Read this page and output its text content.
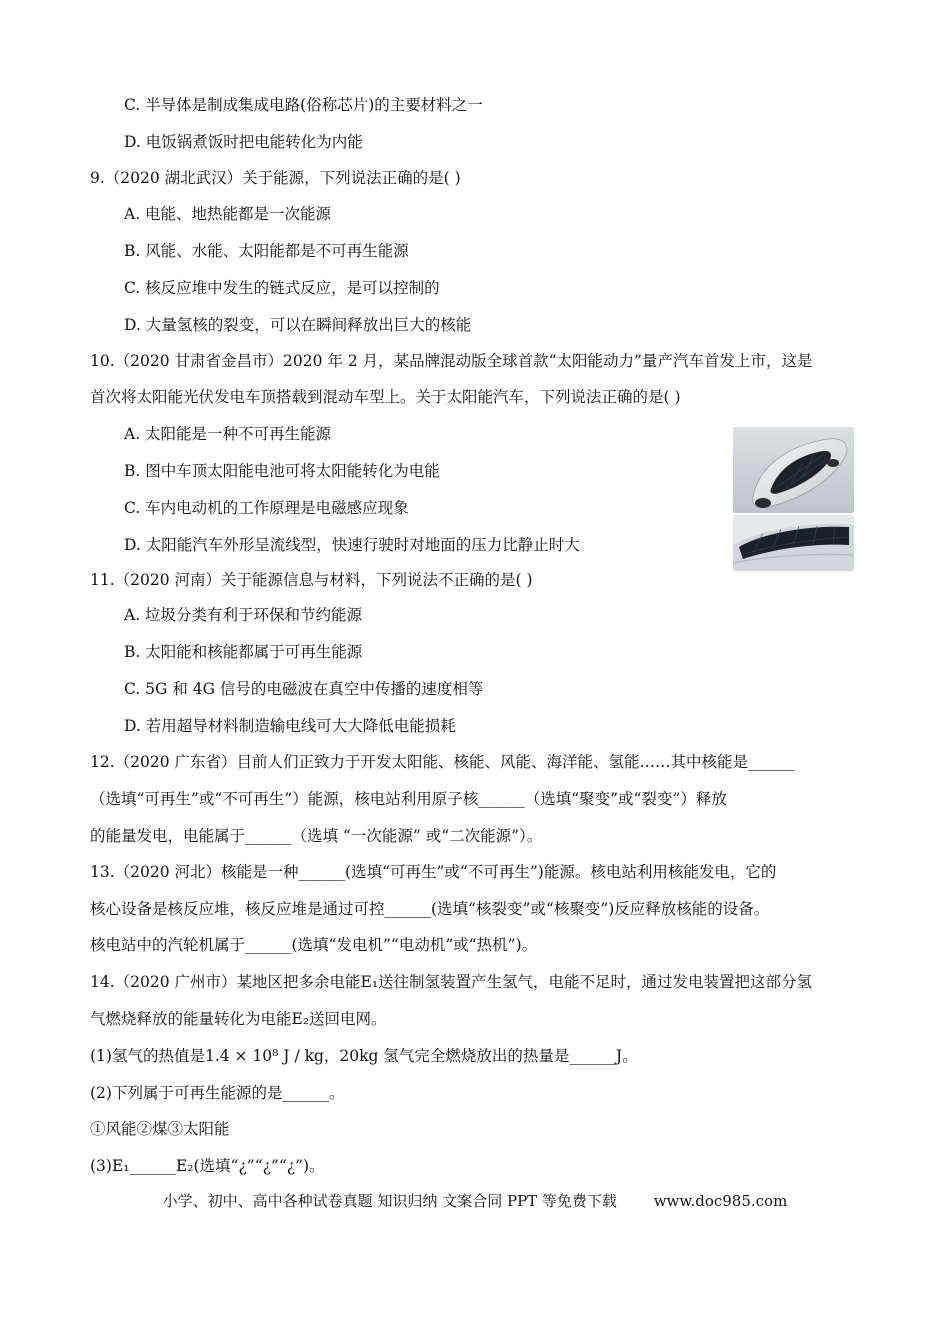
C. 半导体是制成集成电路(俗称芯片)的主要材料之一
D. 电饭锅煮饭时把电能转化为内能
9.（2020 湖北武汉）关于能源，下列说法正确的是( )
A. 电能、地热能都是一次能源
B. 风能、水能、太阳能都是不可再生能源
C. 核反应堆中发生的链式反应，是可以控制的
D. 大量氢核的裂变，可以在瞬间释放出巨大的核能
10.（2020 甘肃省金昌市）2020 年 2 月，某品牌混动版全球首款“太阳能动力”量产汽车首发上市，这是
首次将太阳能光伏发电车顶搭载到混动车型上。关于太阳能汽车，下列说法正确的是( )
A. 太阳能是一种不可再生能源
B. 图中车顶太阳能电池可将太阳能转化为电能
C. 车内电动机的工作原理是电磁感应现象
D. 太阳能汽车外形呈流线型，快速行驶时对地面的压力比静止时大
11.（2020 河南）关于能源信息与材料，下列说法不正确的是( )
A. 垃圾分类有利于环保和节约能源
B. 太阳能和核能都属于可再生能源
C. 5G 和 4G 信号的电磁波在真空中传播的速度相等
D. 若用超导材料制造输电线可大大降低电能损耗
12.（2020 广东省）目前人们正致力于开发太阳能、核能、风能、海洋能、氢能……其中核能是______
（选填“可再生”或“不可再生”）能源，核电站利用原子核______（选填“聚变”或“裂变”）释放
的能量发电，电能属于______（选填 “一次能源” 或“二次能源”）。
13.（2020 河北）核能是一种______(选填“可再生”或“不可再生”)能源。核电站利用核能发电，它的
核心设备是核反应堆，核反应堆是通过可控______(选填“核裂变”或“核聚变”)反应释放核能的设备。
核电站中的汽轮机属于______(选填“发电机”“电动机”或“热机”)。
14.（2020 广州市）某地区把多余电能E₁送往制氢装置产生氢气，电能不足时，通过发电装置把这部分氢
气燃烧释放的能量转化为电能E₂送回电网。
(1)氢气的热值是1.4 × 10⁸ J / kg，20kg 氢气完全燃烧放出的热量是______J。
(2)下列属于可再生能源的是______。
①风能②煤③太阳能
(3)E₁______E₂(选填“¿”“¿”“¿”)。
小学、初中、高中各种试卷真题 知识归纳 文案合同 PPT 等免费下载 www.doc985.com
